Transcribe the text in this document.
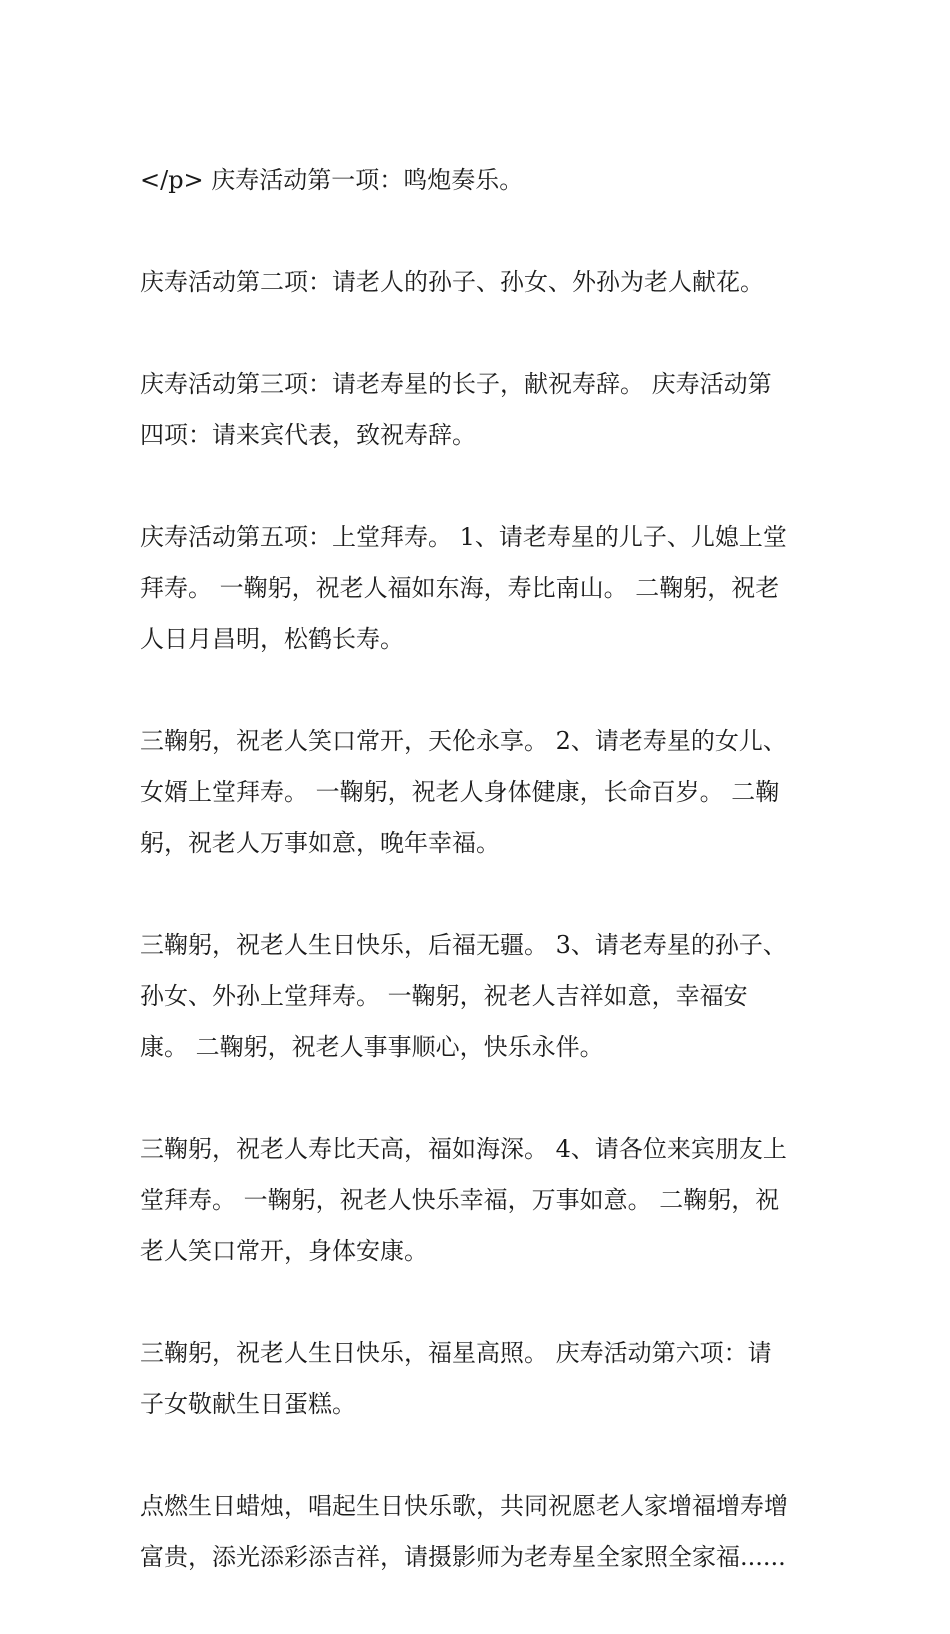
</p> 庆寿活动第一项：鸣炮奏乐。

庆寿活动第二项：请老人的孙子、孙女、外孙为老人献花。

庆寿活动第三项：请老寿星的长子，献祝寿辞。 庆寿活动第
四项：请来宾代表，致祝寿辞。

庆寿活动第五项：上堂拜寿。 1、请老寿星的儿子、儿媳上堂
拜寿。 一鞠躬，祝老人福如东海，寿比南山。 二鞠躬，祝老
人日月昌明，松鹤长寿。

三鞠躬，祝老人笑口常开，天伦永享。 2、请老寿星的女儿、
女婿上堂拜寿。 一鞠躬，祝老人身体健康，长命百岁。 二鞠
躬，祝老人万事如意，晚年幸福。

三鞠躬，祝老人生日快乐，后福无疆。 3、请老寿星的孙子、
孙女、外孙上堂拜寿。 一鞠躬，祝老人吉祥如意，幸福安
康。 二鞠躬，祝老人事事顺心，快乐永伴。

三鞠躬，祝老人寿比天高，福如海深。 4、请各位来宾朋友上
堂拜寿。 一鞠躬，祝老人快乐幸福，万事如意。 二鞠躬，祝
老人笑口常开，身体安康。

三鞠躬，祝老人生日快乐，福星高照。 庆寿活动第六项：请
子女敬献生日蛋糕。

点燃生日蜡烛，唱起生日快乐歌，共同祝愿老人家增福增寿增
富贵，添光添彩添吉祥，请摄影师为老寿星全家照全家福......
